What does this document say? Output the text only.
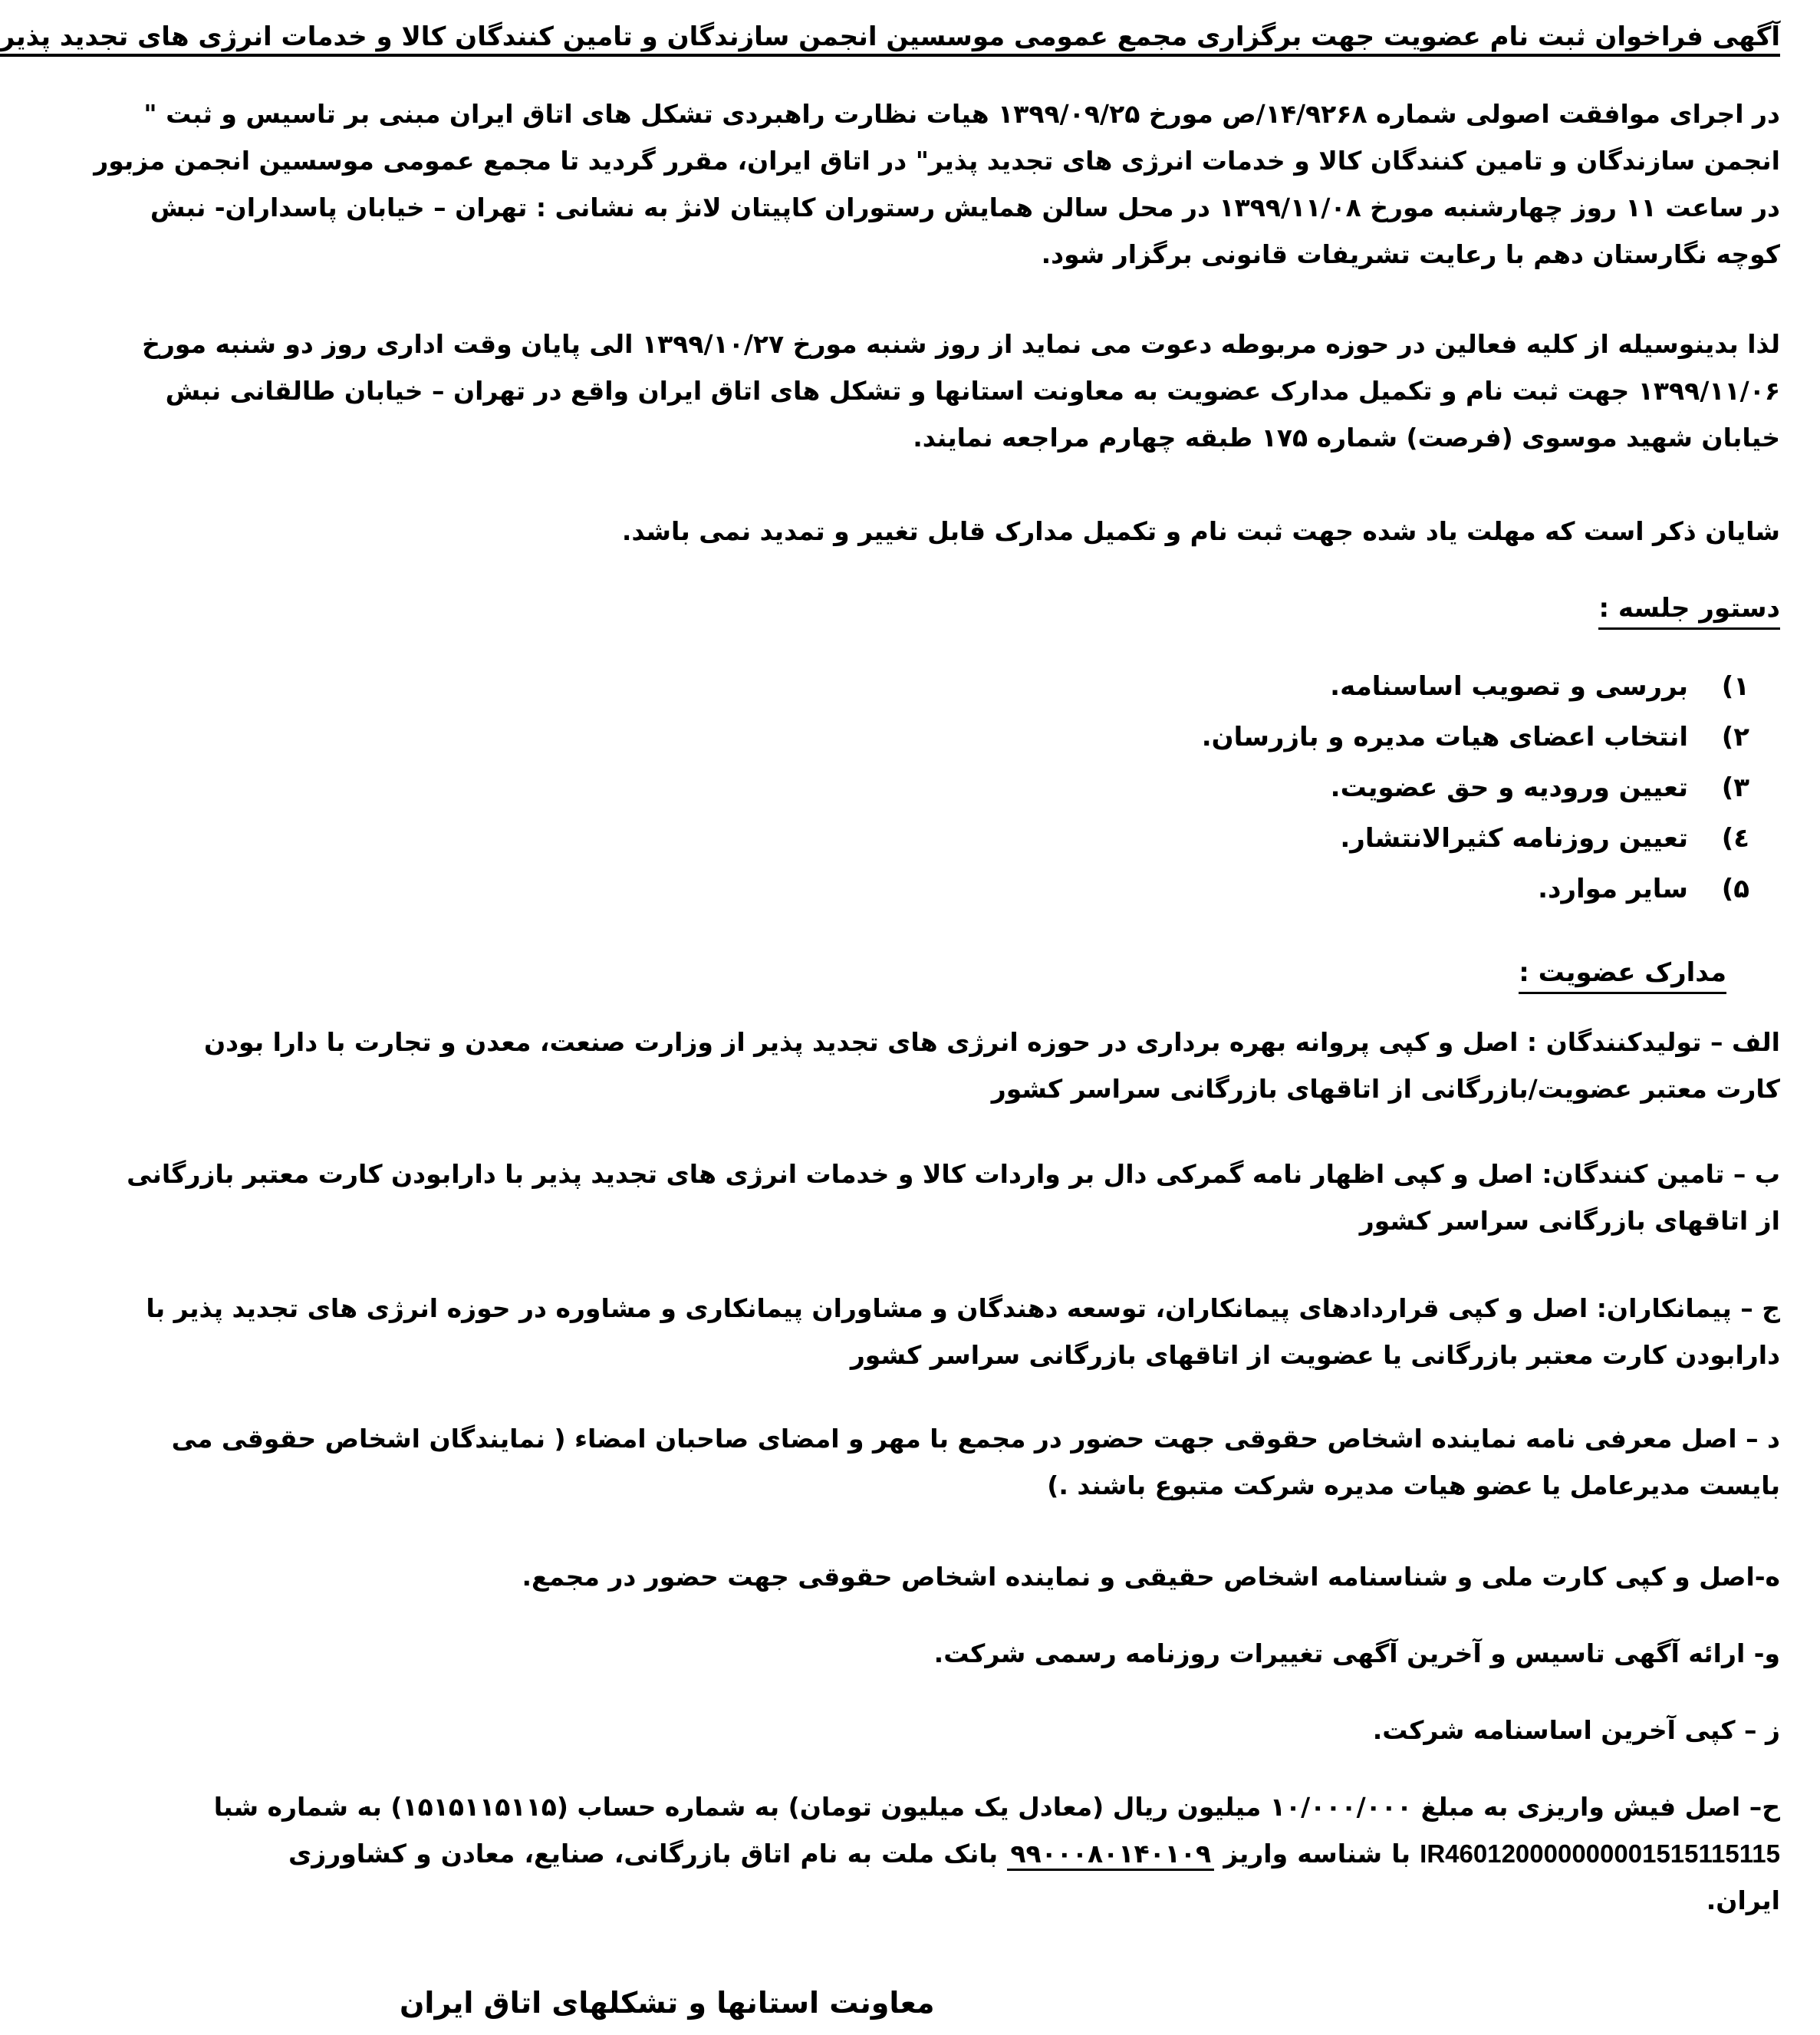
آگهی فراخوان ثبت نام عضویت جهت برگزاری مجمع عمومی موسسین انجمن سازندگان و تامین کنندگان کالا و خدمات انرژی های تجدید پذیر
در اجرای موافقت اصولی شماره ۱۴/۹۲۶۸/ص مورخ ۱۳۹۹/۰۹/۲۵ هیات نظارت راهبردی تشکل های اتاق ایران مبنی بر تاسیس و ثبت "
انجمن سازندگان و تامین کنندگان کالا و خدمات انرژی های تجدید پذیر" در اتاق ایران، مقرر گردید تا مجمع عمومی موسسین انجمن مزبور
در ساعت ۱۱ روز چهارشنبه مورخ ۱۳۹۹/۱۱/۰۸ در محل سالن همایش رستوران کاپیتان لانژ به نشانی : تهران – خیابان پاسداران- نبش
کوچه نگارستان دهم با رعایت تشریفات قانونی برگزار شود.
لذا بدینوسیله از کلیه فعالین در حوزه مربوطه دعوت می نماید از روز شنبه مورخ ۱۳۹۹/۱۰/۲۷ الی پایان وقت اداری روز دو شنبه مورخ
۱۳۹۹/۱۱/۰۶ جهت ثبت نام و تکمیل مدارک عضویت به معاونت استانها و تشکل های اتاق ایران واقع در تهران – خیابان طالقانی نبش
خیابان شهید موسوی (فرصت) شماره ۱۷۵ طبقه چهارم مراجعه نمایند.
شایان ذکر است که مهلت یاد شده جهت ثبت نام و تکمیل مدارک قابل تغییر و تمدید نمی باشد.
دستور جلسه :
۱)
بررسی و تصویب اساسنامه.
۲)
انتخاب اعضای هیات مدیره و بازرسان.
۳)
تعیین ورودیه و حق عضویت.
٤)
تعیین روزنامه کثیرالانتشار.
۵)
سایر موارد.
مدارک عضویت :
الف – تولیدکنندگان : اصل و کپی پروانه بهره برداری در حوزه انرژی های تجدید پذیر از وزارت صنعت، معدن و تجارت با دارا بودن
کارت معتبر عضویت/بازرگانی از اتاقهای بازرگانی سراسر کشور
ب – تامین کنندگان: اصل و کپی اظهار نامه گمرکی دال بر واردات کالا و خدمات انرژی های تجدید پذیر با دارابودن کارت معتبر بازرگانی
از اتاقهای بازرگانی سراسر کشور
ج – پیمانکاران: اصل و کپی قراردادهای پیمانکاران، توسعه دهندگان و مشاوران پیمانکاری و مشاوره در حوزه انرژی های تجدید پذیر با
دارابودن کارت معتبر بازرگانی یا عضویت از اتاقهای بازرگانی سراسر کشور
د – اصل معرفی نامه نماینده اشخاص حقوقی جهت حضور در مجمع با مهر و امضای صاحبان امضاء ( نمایندگان اشخاص حقوقی می
بایست مدیرعامل یا عضو هیات مدیره شرکت متبوع باشند .)
ه-اصل و کپی کارت ملی و شناسنامه اشخاص حقیقی و نماینده اشخاص حقوقی جهت حضور در مجمع.
و- ارائه آگهی تاسیس و آخرین آگهی تغییرات روزنامه رسمی شرکت.
ز – کپی آخرین اساسنامه شرکت.
ح– اصل فیش واریزی به مبلغ ۱۰/۰۰۰/۰۰۰ میلیون ریال (معادل یک میلیون تومان) به شماره حساب (۱۵۱۵۱۱۵۱۱۵) به شماره شبا
IR460120000000001515115115 با شناسه واریز ۹۹۰۰۰۸۰۱۴۰۱۰۹ بانک ملت به نام اتاق بازرگانی، صنایع، معادن و کشاورزی
ایران.
معاونت استانها و تشکلهای اتاق ایران
